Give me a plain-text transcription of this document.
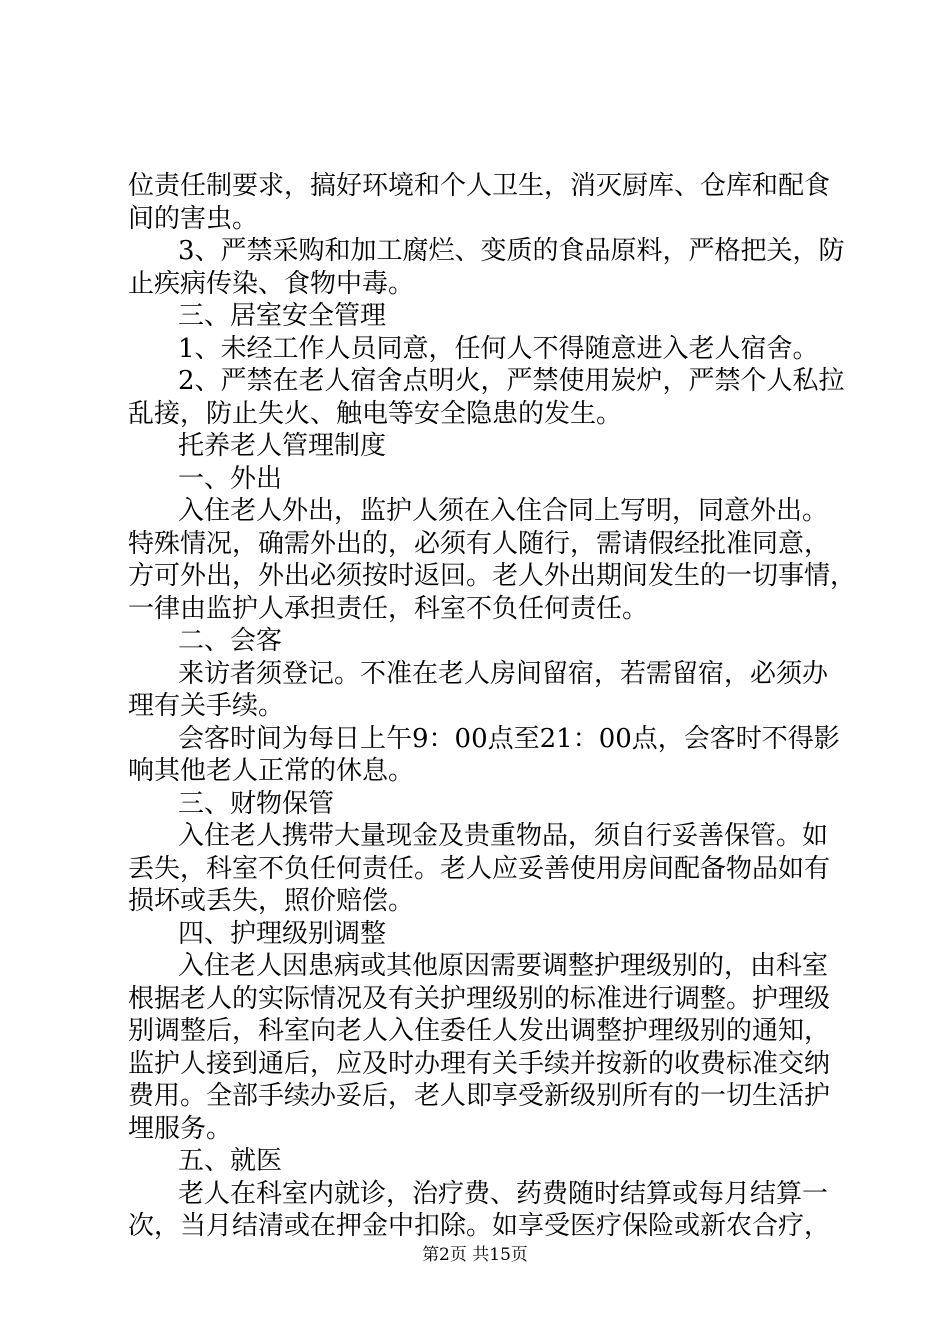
位责任制要求，搞好环境和个人卫生，消灭厨库、仓库和配食
间的害虫。
3、严禁采购和加工腐烂、变质的食品原料，严格把关，防
止疾病传染、食物中毒。
三、居室安全管理
1、未经工作人员同意，任何人不得随意进入老人宿舍。
2、严禁在老人宿舍点明火，严禁使用炭炉，严禁个人私拉
乱接，防止失火、触电等安全隐患的发生。
托养老人管理制度
一、外出
入住老人外出，监护人须在入住合同上写明，同意外出。
特殊情况，确需外出的，必须有人随行，需请假经批准同意，
方可外出，外出必须按时返回。老人外出期间发生的一切事情，
一律由监护人承担责任，科室不负任何责任。
二、会客
来访者须登记。不准在老人房间留宿，若需留宿，必须办
理有关手续。
会客时间为每日上午9：00点至21：00点，会客时不得影
响其他老人正常的休息。
三、财物保管
入住老人携带大量现金及贵重物品，须自行妥善保管。如
丢失，科室不负任何责任。老人应妥善使用房间配备物品如有
损坏或丢失，照价赔偿。
四、护理级别调整
入住老人因患病或其他原因需要调整护理级别的，由科室
根据老人的实际情况及有关护理级别的标准进行调整。护理级
别调整后，科室向老人入住委任人发出调整护理级别的通知，
监护人接到通后，应及时办理有关手续并按新的收费标准交纳
费用。全部手续办妥后，老人即享受新级别所有的一切生活护
埋服务。
五、就医
老人在科室内就诊，治疗费、药费随时结算或每月结算一
次，当月结清或在押金中扣除。如享受医疗保险或新农合疗，
第2页 共15页
